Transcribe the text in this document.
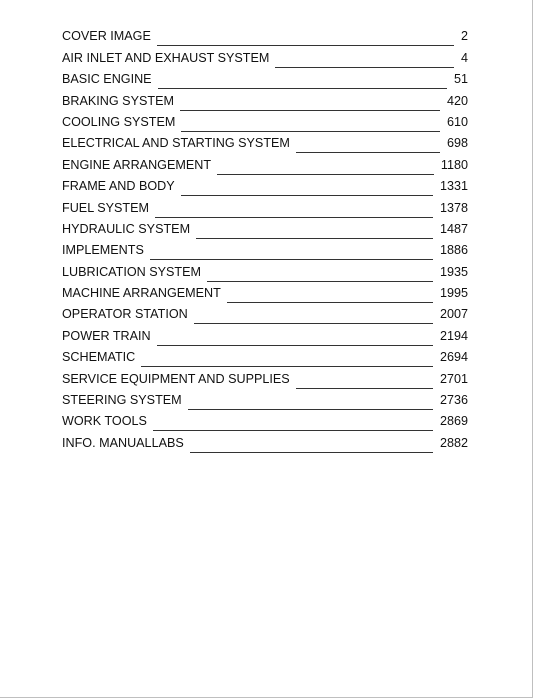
COVER IMAGE	2
AIR INLET AND EXHAUST SYSTEM	4
BASIC ENGINE	51
BRAKING SYSTEM	420
COOLING SYSTEM	610
ELECTRICAL AND STARTING SYSTEM	698
ENGINE ARRANGEMENT	1180
FRAME AND BODY	1331
FUEL SYSTEM	1378
HYDRAULIC SYSTEM	1487
IMPLEMENTS	1886
LUBRICATION SYSTEM	1935
MACHINE ARRANGEMENT	1995
OPERATOR STATION	2007
POWER TRAIN	2194
SCHEMATIC	2694
SERVICE EQUIPMENT AND SUPPLIES	2701
STEERING SYSTEM	2736
WORK TOOLS	2869
INFO. MANUALLABS	2882
